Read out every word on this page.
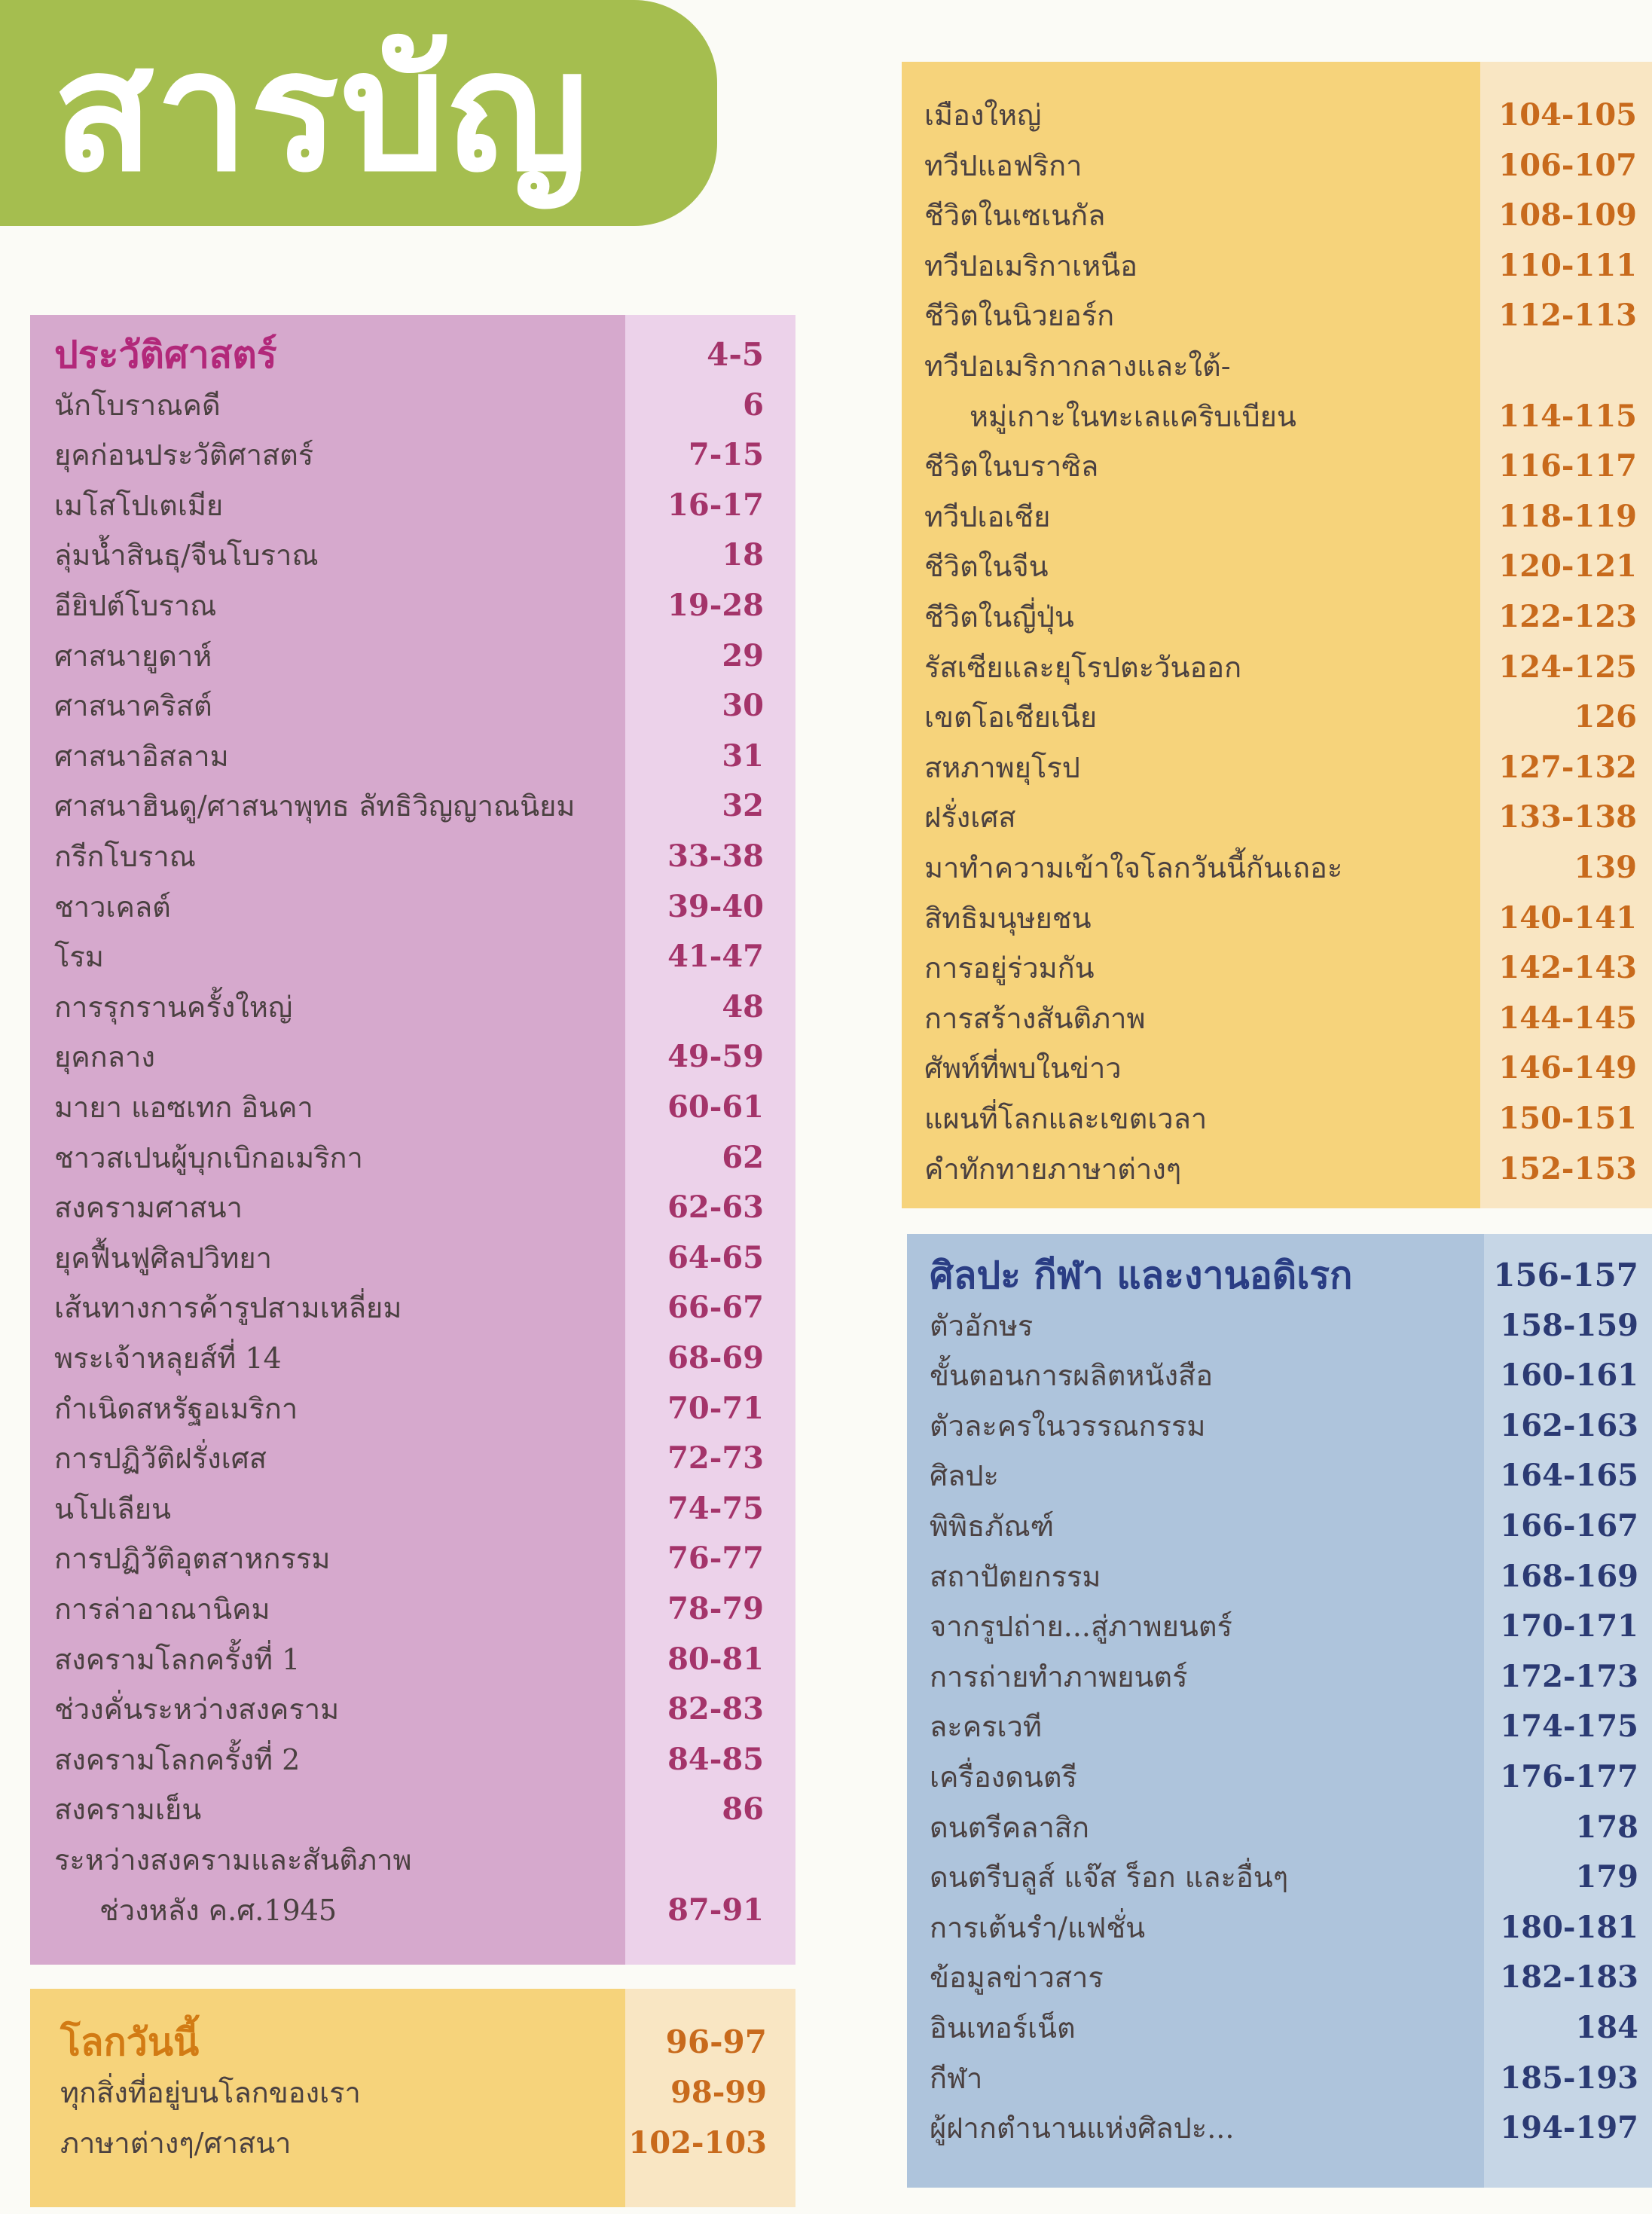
สารบัญ
ประวัติศาสตร์	4-5
นักโบราณคดี	6
ยุคก่อนประวัติศาสตร์	7-15
เมโสโปเตเมีย	16-17
ลุ่มน้ำสินธุ/จีนโบราณ	18
อียิปต์โบราณ	19-28
ศาสนายูดาห์	29
ศาสนาคริสต์	30
ศาสนาอิสลาม	31
ศาสนาฮินดู/ศาสนาพุทธ ลัทธิวิญญาณนิยม	32
กรีกโบราณ	33-38
ชาวเคลต์	39-40
โรม	41-47
การรุกรานครั้งใหญ่	48
ยุคกลาง	49-59
มายา แอซเทก อินคา	60-61
ชาวสเปนผู้บุกเบิกอเมริกา	62
สงครามศาสนา	62-63
ยุคฟื้นฟูศิลปวิทยา	64-65
เส้นทางการค้ารูปสามเหลี่ยม	66-67
พระเจ้าหลุยส์ที่ 14	68-69
กำเนิดสหรัฐอเมริกา	70-71
การปฏิวัติฝรั่งเศส	72-73
นโปเลียน	74-75
การปฏิวัติอุตสาหกรรม	76-77
การล่าอาณานิคม	78-79
สงครามโลกครั้งที่ 1	80-81
ช่วงคั่นระหว่างสงคราม	82-83
สงครามโลกครั้งที่ 2	84-85
สงครามเย็น	86
ระหว่างสงครามและสันติภาพ
ช่วงหลัง ค.ศ.1945	87-91
โลกวันนี้	96-97
ทุกสิ่งที่อยู่บนโลกของเรา	98-99
ภาษาต่างๆ/ศาสนา	102-103
เมืองใหญ่	104-105
ทวีปแอฟริกา	106-107
ชีวิตในเซเนกัล	108-109
ทวีปอเมริกาเหนือ	110-111
ชีวิตในนิวยอร์ก	112-113
ทวีปอเมริกากลางและใต้-
หมู่เกาะในทะเลแคริบเบียน	114-115
ชีวิตในบราซิล	116-117
ทวีปเอเชีย	118-119
ชีวิตในจีน	120-121
ชีวิตในญี่ปุ่น	122-123
รัสเซียและยุโรปตะวันออก	124-125
เขตโอเชียเนีย	126
สหภาพยุโรป	127-132
ฝรั่งเศส	133-138
มาทำความเข้าใจโลกวันนี้กันเถอะ	139
สิทธิมนุษยชน	140-141
การอยู่ร่วมกัน	142-143
การสร้างสันติภาพ	144-145
ศัพท์ที่พบในข่าว	146-149
แผนที่โลกและเขตเวลา	150-151
คำทักทายภาษาต่างๆ	152-153
ศิลปะ กีฬา และงานอดิเรก	156-157
ตัวอักษร	158-159
ขั้นตอนการผลิตหนังสือ	160-161
ตัวละครในวรรณกรรม	162-163
ศิลปะ	164-165
พิพิธภัณฑ์	166-167
สถาปัตยกรรม	168-169
จากรูปถ่าย...สู่ภาพยนตร์	170-171
การถ่ายทำภาพยนตร์	172-173
ละครเวที	174-175
เครื่องดนตรี	176-177
ดนตรีคลาสิก	178
ดนตรีบลูส์ แจ๊ส ร็อก และอื่นๆ	179
การเต้นรำ/แฟชั่น	180-181
ข้อมูลข่าวสาร	182-183
อินเทอร์เน็ต	184
กีฬา	185-193
ผู้ฝากตำนานแห่งศิลปะ...	194-197
